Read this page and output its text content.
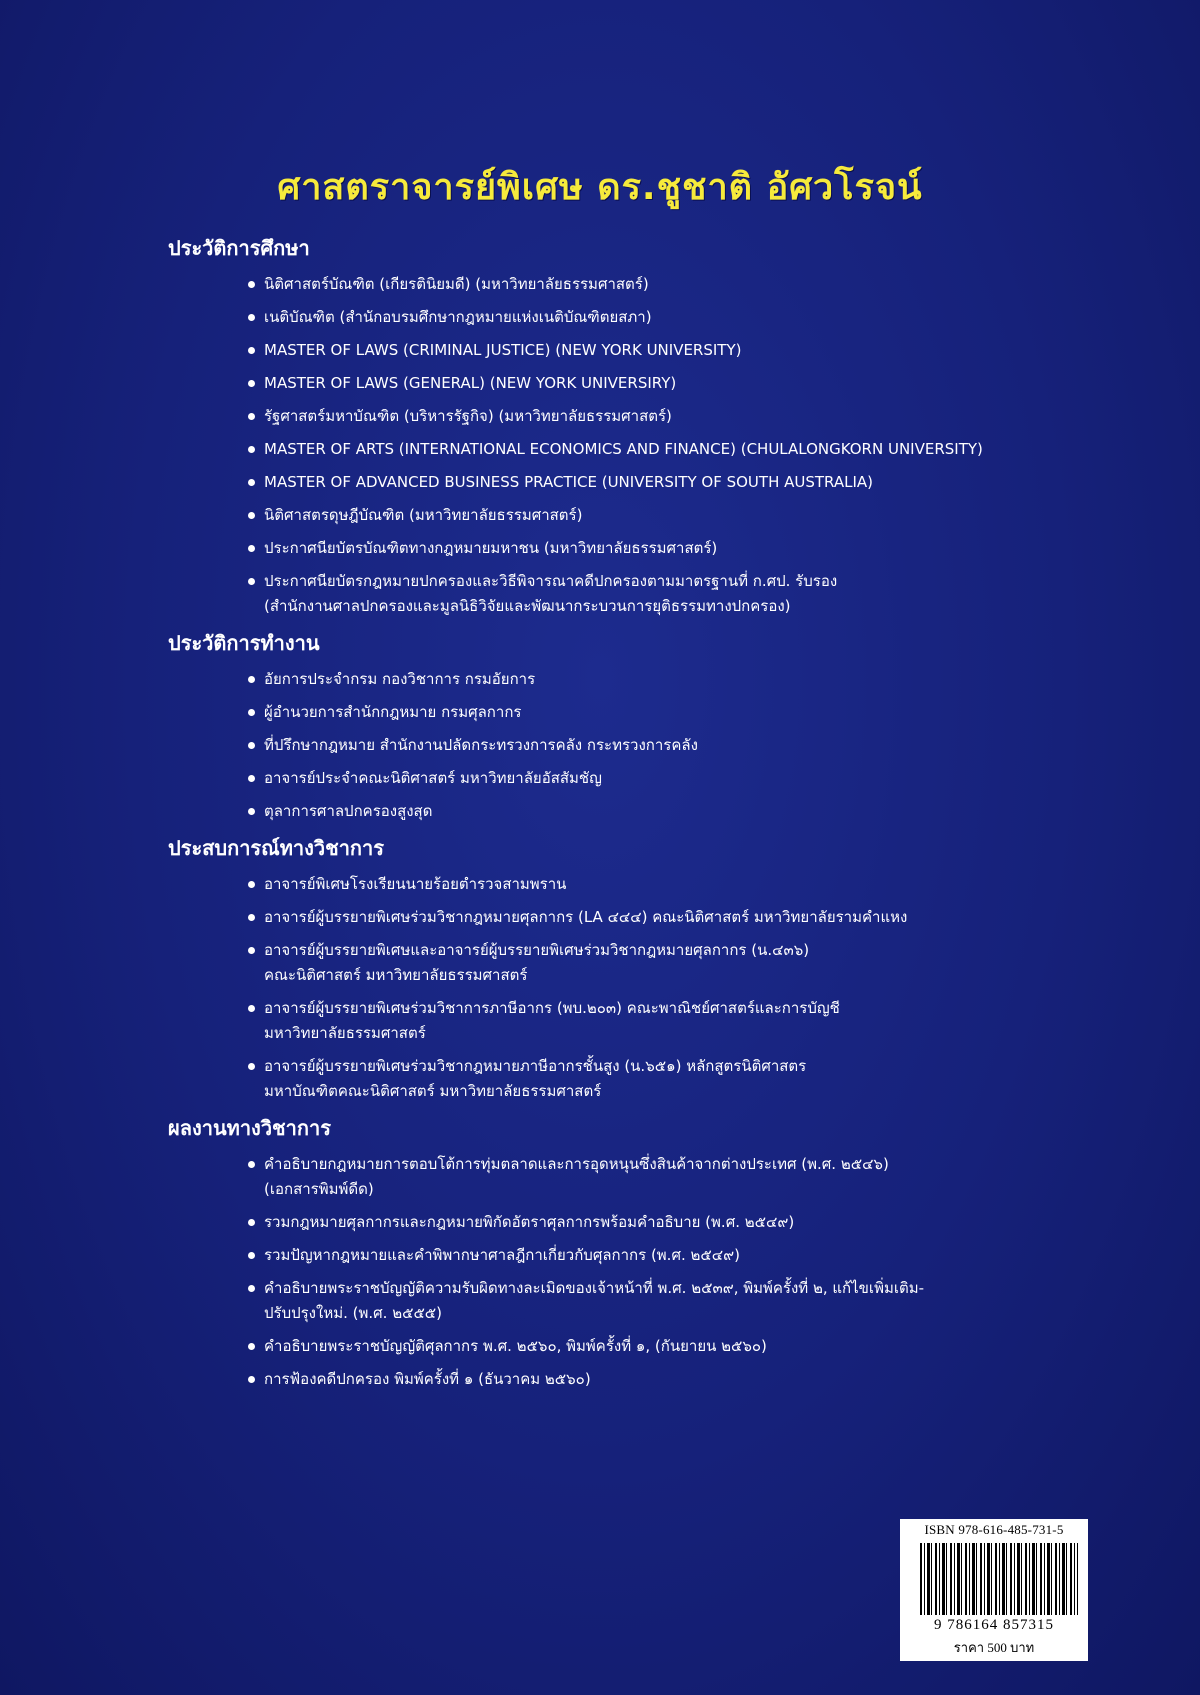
ศาสตราจารย์พิเศษ ดร.ชูชาติ อัศวโรจน์
ประวัติการศึกษา
นิติศาสตร์บัณฑิต (เกียรตินิยมดี) (มหาวิทยาลัยธรรมศาสตร์)
เนติบัณฑิต (สำนักอบรมศึกษากฎหมายแห่งเนติบัณฑิตยสภา)
MASTER OF LAWS (CRIMINAL JUSTICE) (NEW YORK UNIVERSITY)
MASTER OF LAWS (GENERAL) (NEW YORK UNIVERSIRY)
รัฐศาสตร์มหาบัณฑิต (บริหารรัฐกิจ) (มหาวิทยาลัยธรรมศาสตร์)
MASTER OF ARTS (INTERNATIONAL ECONOMICS AND FINANCE) (CHULALONGKORN UNIVERSITY)
MASTER OF ADVANCED BUSINESS PRACTICE (UNIVERSITY OF SOUTH AUSTRALIA)
นิติศาสตรดุษฎีบัณฑิต (มหาวิทยาลัยธรรมศาสตร์)
ประกาศนียบัตรบัณฑิตทางกฎหมายมหาชน (มหาวิทยาลัยธรรมศาสตร์)
ประกาศนียบัตรกฎหมายปกครองและวิธีพิจารณาคดีปกครองตามมาตรฐานที่ ก.ศป. รับรอง
(สำนักงานศาลปกครองและมูลนิธิวิจัยและพัฒนากระบวนการยุติธรรมทางปกครอง)
ประวัติการทำงาน
อัยการประจำกรม กองวิชาการ กรมอัยการ
ผู้อำนวยการสำนักกฎหมาย กรมศุลกากร
ที่ปรึกษากฎหมาย สำนักงานปลัดกระทรวงการคลัง กระทรวงการคลัง
อาจารย์ประจำคณะนิติศาสตร์ มหาวิทยาลัยอัสสัมชัญ
ตุลาการศาลปกครองสูงสุด
ประสบการณ์ทางวิชาการ
อาจารย์พิเศษโรงเรียนนายร้อยตำรวจสามพราน
อาจารย์ผู้บรรยายพิเศษร่วมวิชากฎหมายศุลกากร (LA ๔๔๔) คณะนิติศาสตร์ มหาวิทยาลัยรามคำแหง
อาจารย์ผู้บรรยายพิเศษและอาจารย์ผู้บรรยายพิเศษร่วมวิชากฎหมายศุลกากร (น.๔๓๖)
คณะนิติศาสตร์ มหาวิทยาลัยธรรมศาสตร์
อาจารย์ผู้บรรยายพิเศษร่วมวิชาการภาษีอากร (พบ.๒๐๓) คณะพาณิชย์ศาสตร์และการบัญชี
มหาวิทยาลัยธรรมศาสตร์
อาจารย์ผู้บรรยายพิเศษร่วมวิชากฎหมายภาษีอากรชั้นสูง (น.๖๕๑) หลักสูตรนิติศาสตร
มหาบัณฑิตคณะนิติศาสตร์ มหาวิทยาลัยธรรมศาสตร์
ผลงานทางวิชาการ
คำอธิบายกฎหมายการตอบโต้การทุ่มตลาดและการอุดหนุนซึ่งสินค้าจากต่างประเทศ (พ.ศ. ๒๕๔๖)
(เอกสารพิมพ์ดีด)
รวมกฎหมายศุลกากรและกฎหมายพิกัดอัตราศุลกากรพร้อมคำอธิบาย (พ.ศ. ๒๕๔๙)
รวมปัญหากฎหมายและคำพิพากษาศาลฎีกาเกี่ยวกับศุลกากร (พ.ศ. ๒๕๔๙)
คำอธิบายพระราชบัญญัติความรับผิดทางละเมิดของเจ้าหน้าที่ พ.ศ. ๒๕๓๙, พิมพ์ครั้งที่ ๒, แก้ไขเพิ่มเติม-
ปรับปรุงใหม่. (พ.ศ. ๒๕๕๕)
คำอธิบายพระราชบัญญัติศุลกากร พ.ศ. ๒๕๖๐, พิมพ์ครั้งที่ ๑, (กันยายน ๒๕๖๐)
การฟ้องคดีปกครอง พิมพ์ครั้งที่ ๑ (ธันวาคม ๒๕๖๐)
ISBN 978-616-485-731-5
9 786164 857315
ราคา 500 บาท
